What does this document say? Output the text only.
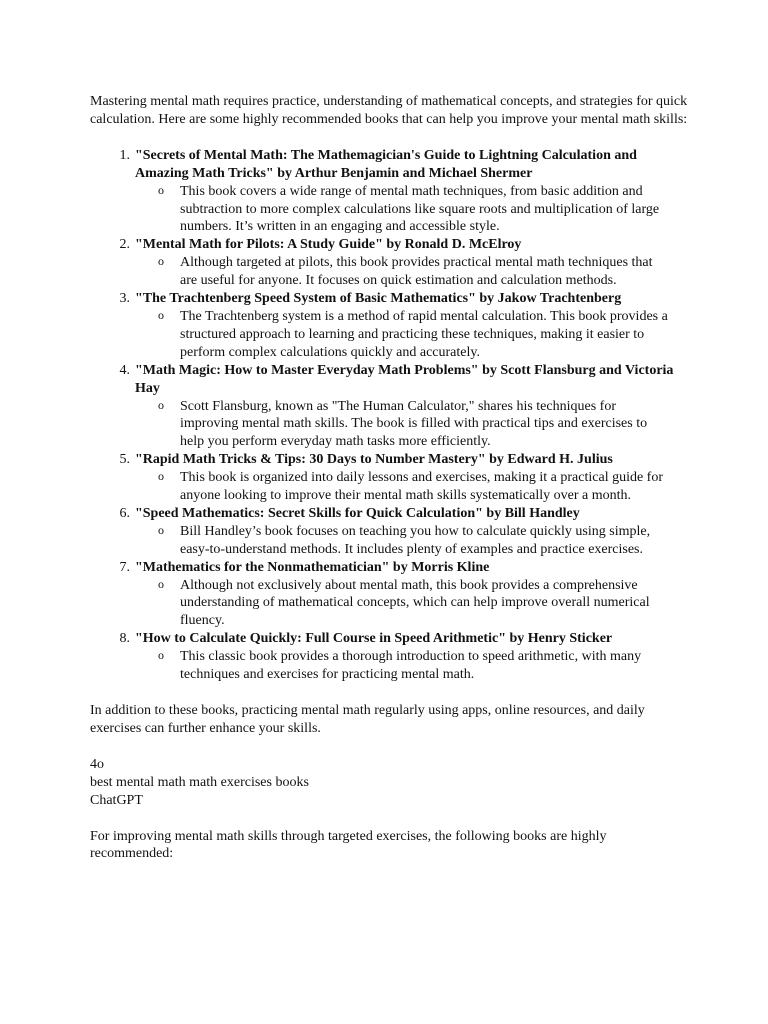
Mastering mental math requires practice, understanding of mathematical concepts, and strategies for quick calculation. Here are some highly recommended books that can help you improve your mental math skills:

1. "Secrets of Mental Math: The Mathemagician's Guide to Lightning Calculation and Amazing Math Tricks" by Arthur Benjamin and Michael Shermer
o This book covers a wide range of mental math techniques, from basic addition and subtraction to more complex calculations like square roots and multiplication of large numbers. It’s written in an engaging and accessible style.
2. "Mental Math for Pilots: A Study Guide" by Ronald D. McElroy
o Although targeted at pilots, this book provides practical mental math techniques that are useful for anyone. It focuses on quick estimation and calculation methods.
3. "The Trachtenberg Speed System of Basic Mathematics" by Jakow Trachtenberg
o The Trachtenberg system is a method of rapid mental calculation. This book provides a structured approach to learning and practicing these techniques, making it easier to perform complex calculations quickly and accurately.
4. "Math Magic: How to Master Everyday Math Problems" by Scott Flansburg and Victoria Hay
o Scott Flansburg, known as "The Human Calculator," shares his techniques for improving mental math skills. The book is filled with practical tips and exercises to help you perform everyday math tasks more efficiently.
5. "Rapid Math Tricks & Tips: 30 Days to Number Mastery" by Edward H. Julius
o This book is organized into daily lessons and exercises, making it a practical guide for anyone looking to improve their mental math skills systematically over a month.
6. "Speed Mathematics: Secret Skills for Quick Calculation" by Bill Handley
o Bill Handley’s book focuses on teaching you how to calculate quickly using simple, easy-to-understand methods. It includes plenty of examples and practice exercises.
7. "Mathematics for the Nonmathematician" by Morris Kline
o Although not exclusively about mental math, this book provides a comprehensive understanding of mathematical concepts, which can help improve overall numerical fluency.
8. "How to Calculate Quickly: Full Course in Speed Arithmetic" by Henry Sticker
o This classic book provides a thorough introduction to speed arithmetic, with many techniques and exercises for practicing mental math.

In addition to these books, practicing mental math regularly using apps, online resources, and daily exercises can further enhance your skills.

4o

best mental math math exercises books

ChatGPT

For improving mental math skills through targeted exercises, the following books are highly recommended:
